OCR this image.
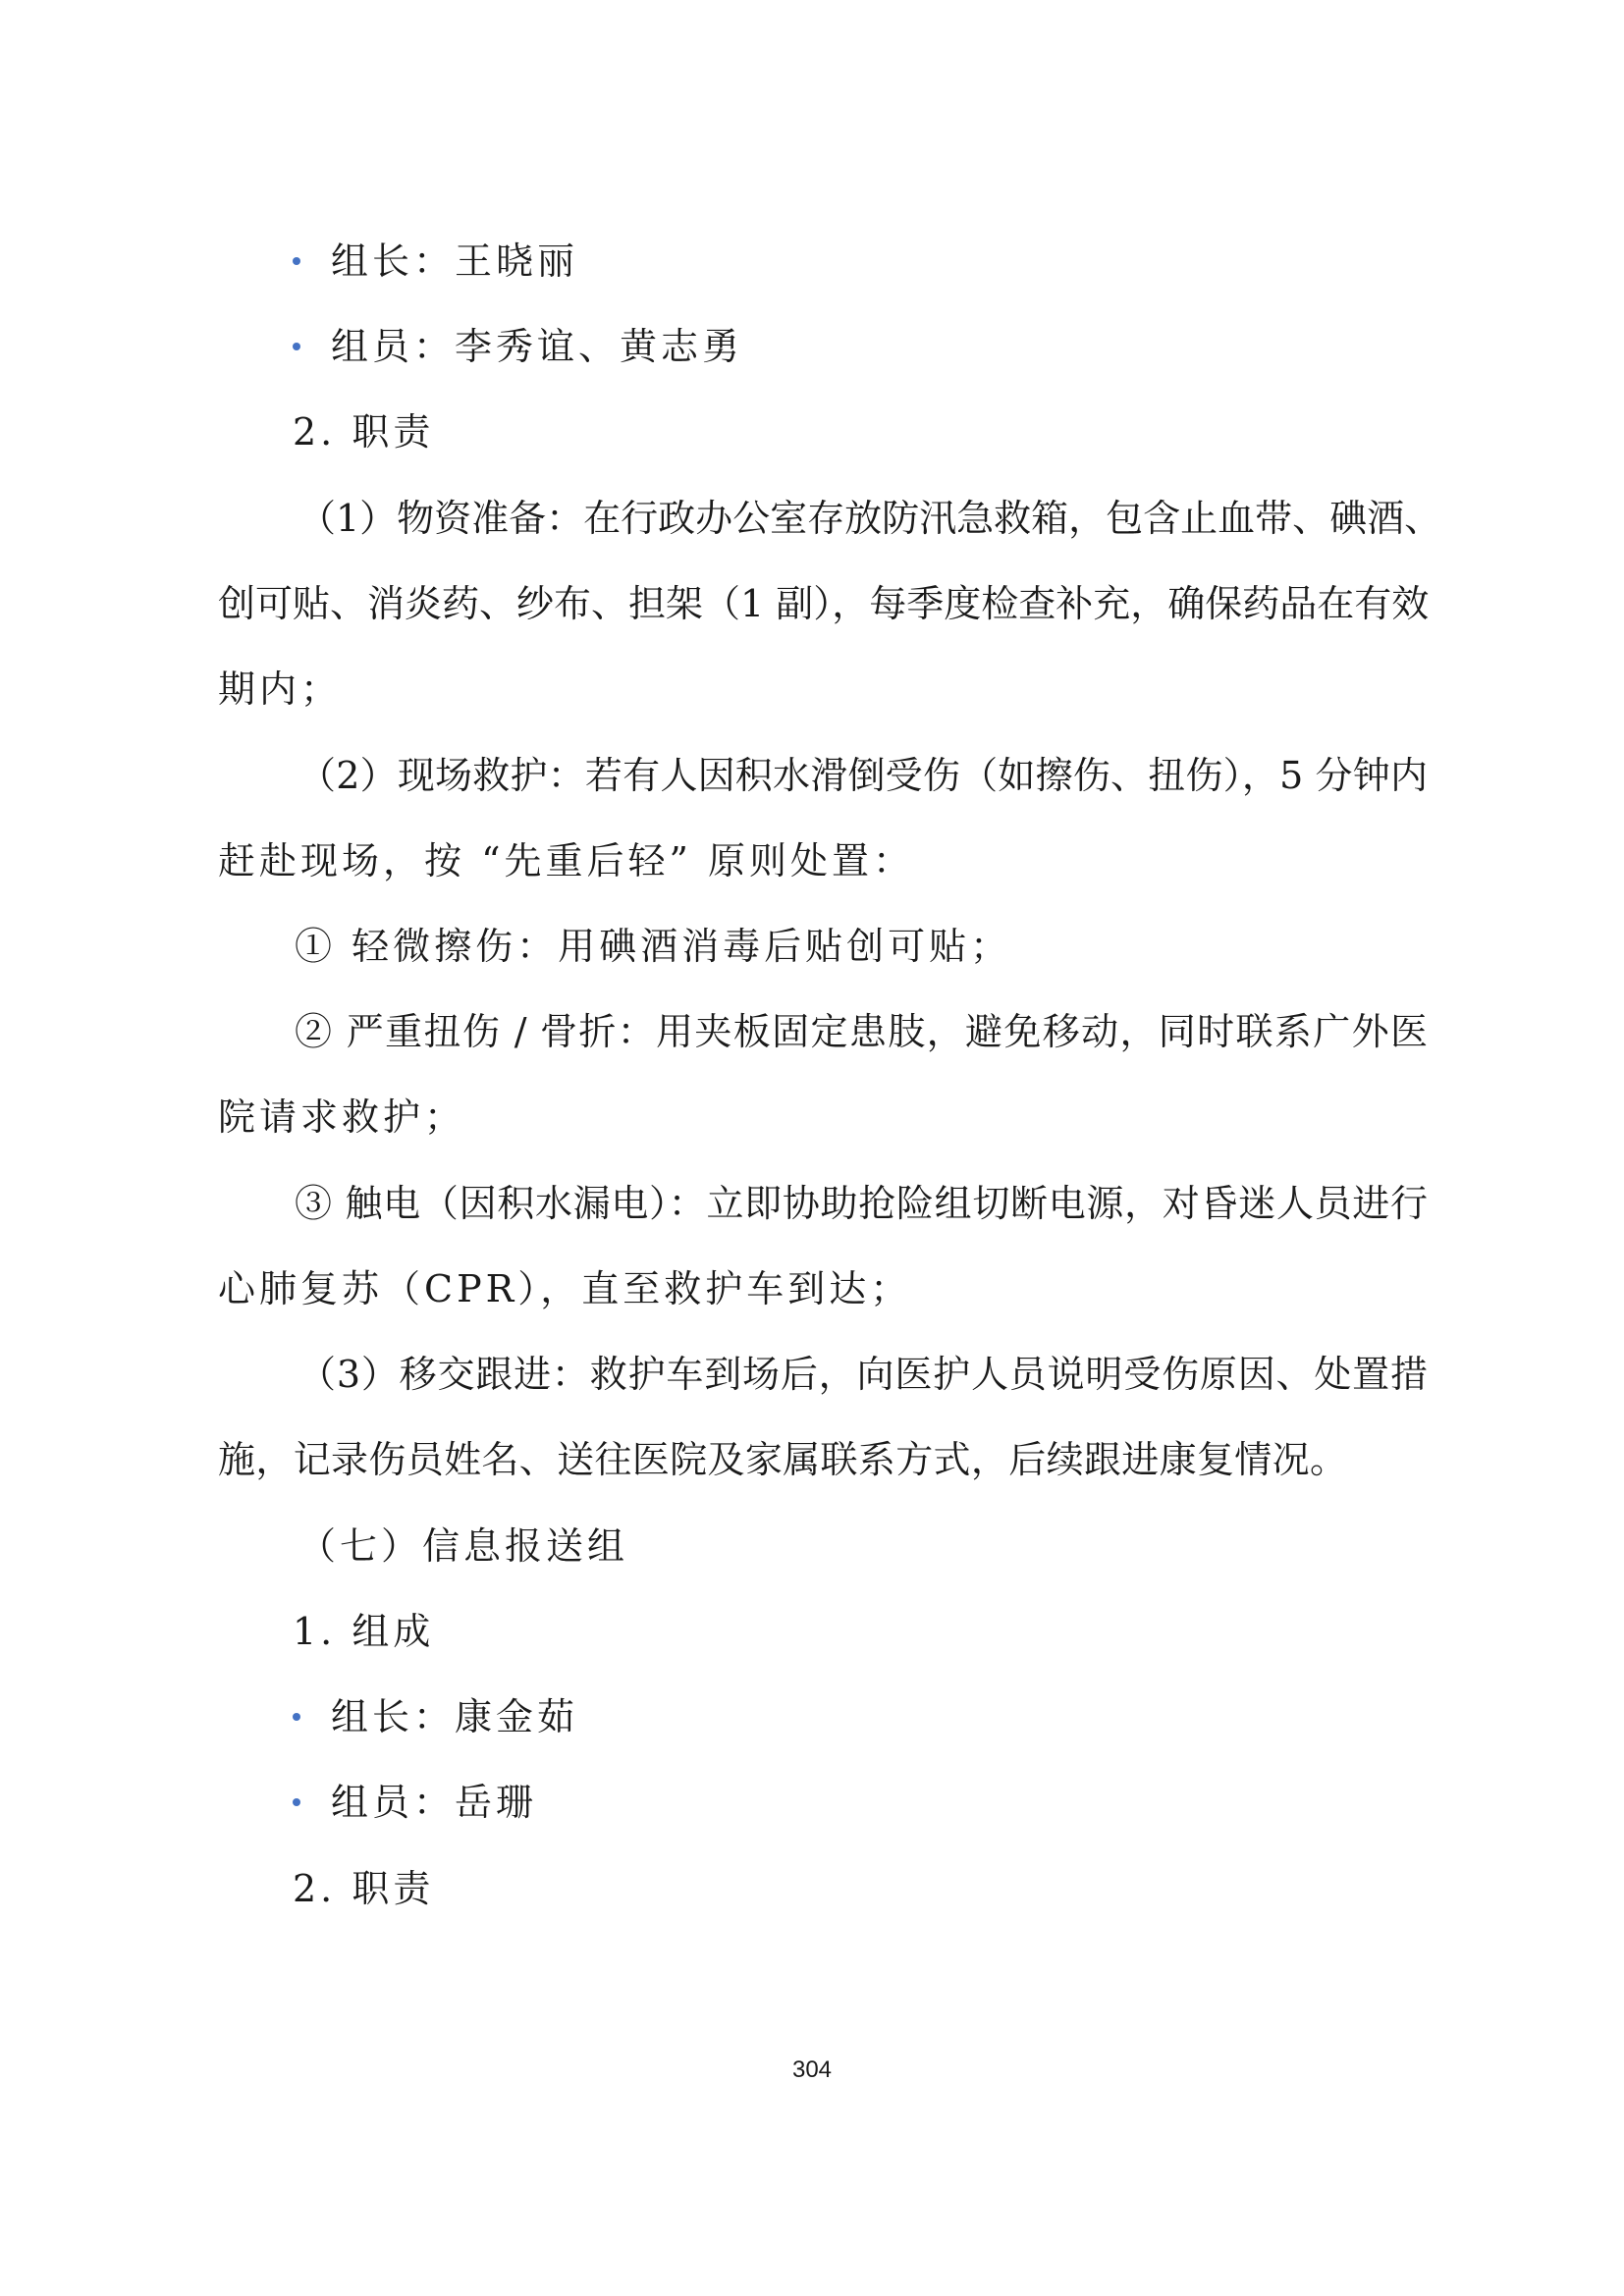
组长：王晓丽
组员：李秀谊、黄志勇
2. 职责
（1）物资准备：在行政办公室存放防汛急救箱，包含止血带、碘酒、
创可贴、消炎药、纱布、担架（1 副），每季度检查补充，确保药品在有效
期内；
（2）现场救护：若有人因积水滑倒受伤（如擦伤、扭伤），5 分钟内
赶赴现场，按 “先重后轻” 原则处置：
① 轻微擦伤：用碘酒消毒后贴创可贴；
② 严重扭伤 / 骨折：用夹板固定患肢，避免移动，同时联系广外医
院请求救护；
③ 触电（因积水漏电）：立即协助抢险组切断电源，对昏迷人员进行
心肺复苏（CPR），直至救护车到达；
（3）移交跟进：救护车到场后，向医护人员说明受伤原因、处置措
施，记录伤员姓名、送往医院及家属联系方式，后续跟进康复情况。
（七）信息报送组
1. 组成
组长：康金茹
组员：岳珊
2. 职责
304
